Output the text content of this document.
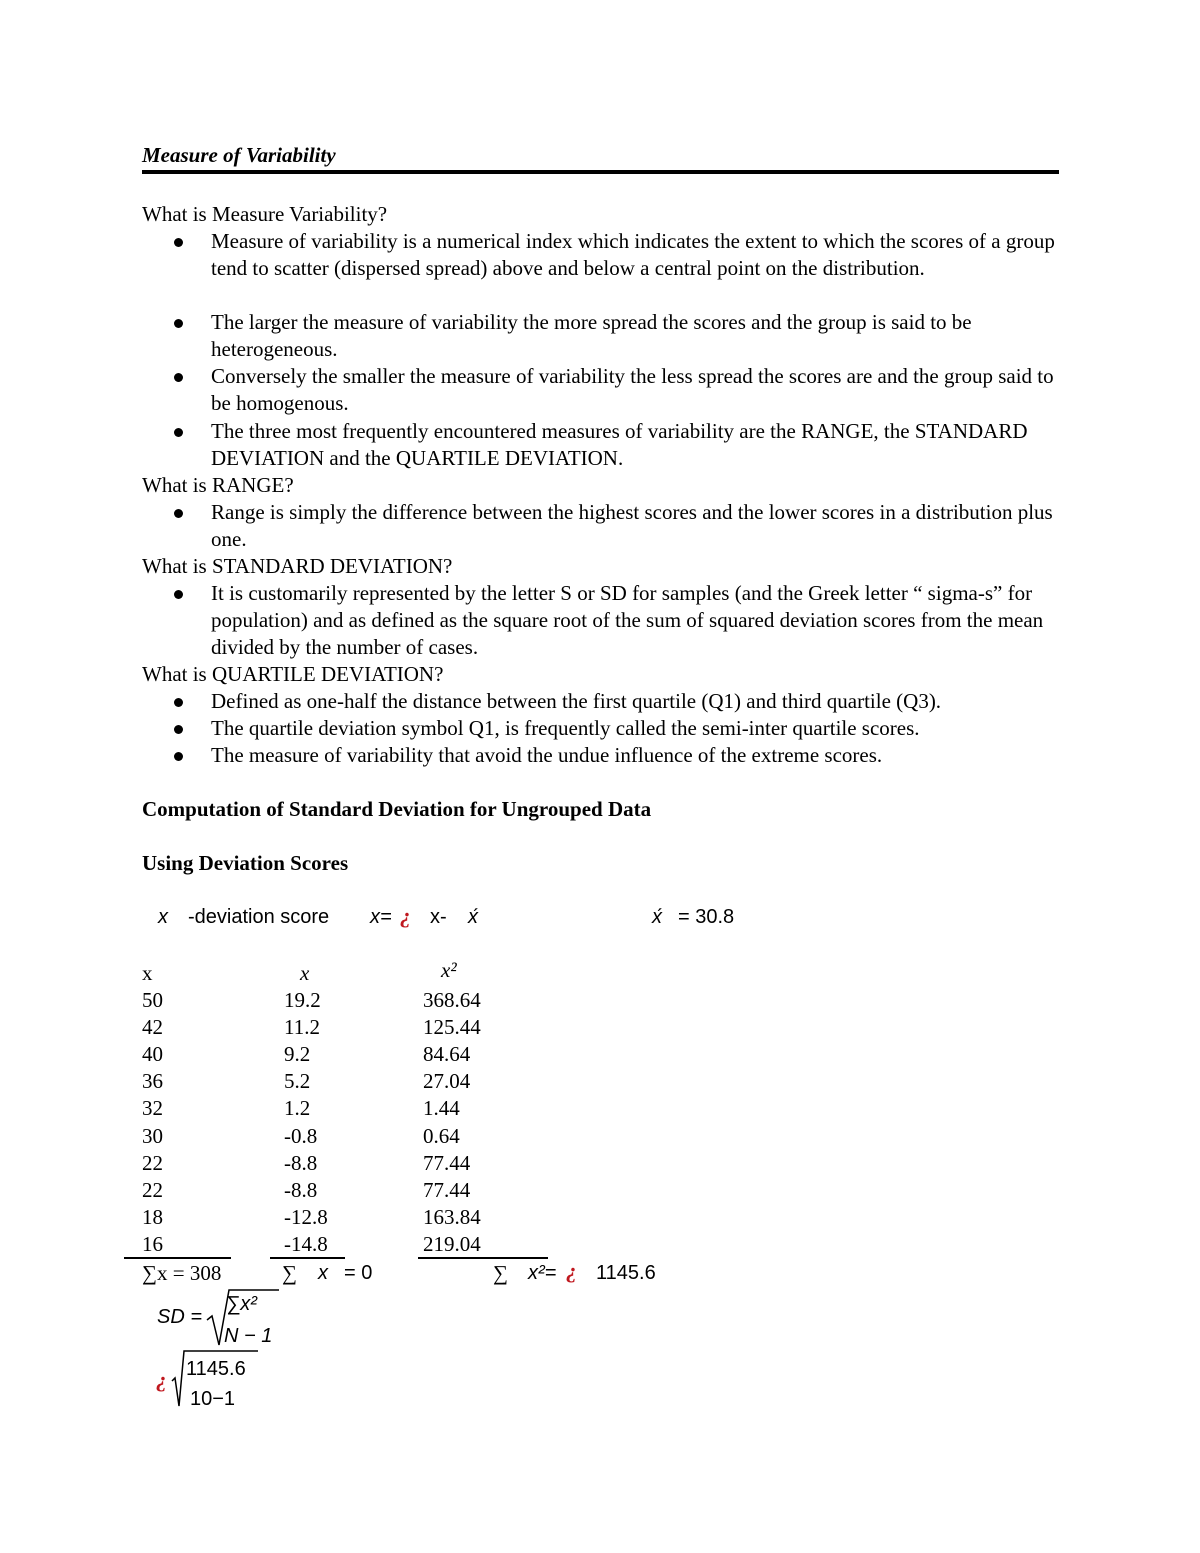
Measure of Variability
What is Measure Variability?
Measure of variability is a numerical index which indicates the extent to which the scores of a group tend to scatter (dispersed spread) above and below a central point on the distribution.
The larger the measure of variability the more spread the scores and the group is said to be heterogeneous.
Conversely the smaller the measure of variability the less spread the scores are and the group said to be homogenous.
The three most frequently encountered measures of variability are the RANGE, the STANDARD DEVIATION and the QUARTILE DEVIATION.
What is RANGE?
Range is simply the difference between the highest scores and the lower scores in a distribution plus one.
What is STANDARD DEVIATION?
It is customarily represented by the letter S or SD for samples (and the Greek letter “ sigma-s” for population) and as defined as the square root of the sum of squared deviation scores from the mean divided by the number of cases.
What is QUARTILE DEVIATION?
Defined as one-half the distance between the first quartile (Q1) and third quartile (Q3).
The quartile deviation symbol Q1, is frequently called the semi-inter quartile scores.
The measure of variability that avoid the undue influence of the extreme scores.
Computation of Standard Deviation for Ungrouped Data
Using Deviation Scores
x -deviation score x= ¿ x- x́	x́ = 30.8
x	x	x²
50	19.2	368.64
42	11.2	125.44
40	9.2	84.64
36	5.2	27.04
32	1.2	1.44
30	-0.8	0.64
22	-8.8	77.44
22	-8.8	77.44
18	-12.8	163.84
16	-14.8	219.04
∑x = 308	∑ x = 0	∑ x²= ¿ 1145.6
SD =
∑x²
N − 1
¿ 1145.6
10−1
